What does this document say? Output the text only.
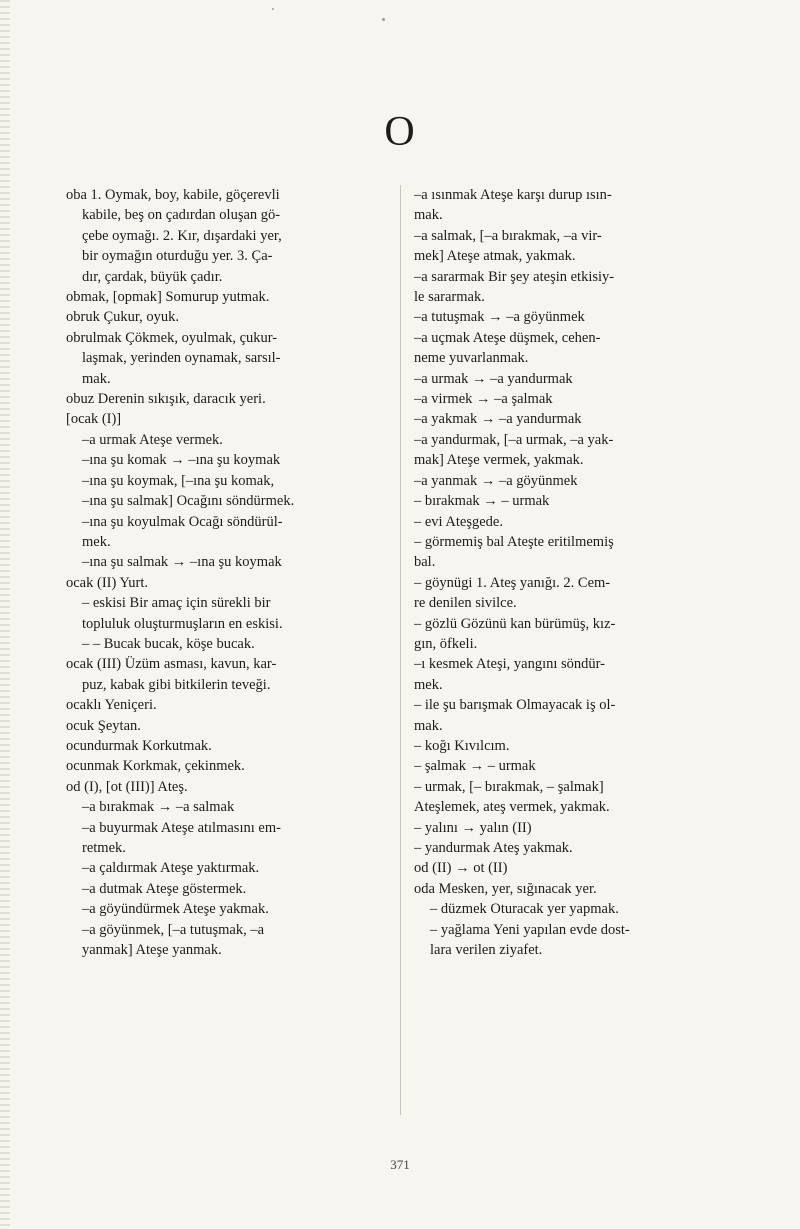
O
oba 1. Oymak, boy, kabile, göçerevli
kabile, beş on çadırdan oluşan gö-
çebe oymağı. 2. Kır, dışardaki yer,
bir oymağın oturduğu yer. 3. Ça-
dır, çardak, büyük çadır.
obmak, [opmak] Somurup yutmak.
obruk Çukur, oyuk.
obrulmak Çökmek, oyulmak, çukur-
laşmak, yerinden oynamak, sarsıl-
mak.
obuz Derenin sıkışık, daracık yeri.
[ocak (I)]
–a urmak Ateşe vermek.
–ına şu komak → –ına şu koymak
–ına şu koymak, [–ına şu komak,
–ına şu salmak] Ocağını söndürmek.
–ına şu koyulmak Ocağı söndürül-
mek.
–ına şu salmak → –ına şu koymak
ocak (II) Yurt.
– eskisi Bir amaç için sürekli bir
topluluk oluşturmuşların en eskisi.
– – Bucak bucak, köşe bucak.
ocak (III) Üzüm asması, kavun, kar-
puz, kabak gibi bitkilerin teveği.
ocaklı Yeniçeri.
ocuk Şeytan.
ocundurmak Korkutmak.
ocunmak Korkmak, çekinmek.
od (I), [ot (III)] Ateş.
–a bırakmak → –a salmak
–a buyurmak Ateşe atılmasını em-
retmek.
–a çaldırmak Ateşe yaktırmak.
–a dutmak Ateşe göstermek.
–a göyündürmek Ateşe yakmak.
–a göyünmek, [–a tutuşmak, –a
yanmak] Ateşe yanmak.
–a ısınmak Ateşe karşı durup ısın-
mak.
–a salmak, [–a bırakmak, –a vir-
mek] Ateşe atmak, yakmak.
–a sararmak Bir şey ateşin etkisiy-
le sararmak.
–a tutuşmak → –a göyünmek
–a uçmak Ateşe düşmek, cehen-
neme yuvarlanmak.
–a urmak → –a yandurmak
–a virmek → –a şalmak
–a yakmak → –a yandurmak
–a yandurmak, [–a urmak, –a yak-
mak] Ateşe vermek, yakmak.
–a yanmak → –a göyünmek
– bırakmak → – urmak
– evi Ateşgede.
– görmemiş bal Ateşte eritilmemiş
bal.
– göynügi 1. Ateş yanığı. 2. Cem-
re denilen sivilce.
– gözlü Gözünü kan bürümüş, kız-
gın, öfkeli.
–ı kesmek Ateşi, yangını söndür-
mek.
– ile şu barışmak Olmayacak iş ol-
mak.
– koğı Kıvılcım.
– şalmak → – urmak
– urmak, [– bırakmak, – şalmak]
Ateşlemek, ateş vermek, yakmak.
– yalını → yalın (II)
– yandurmak Ateş yakmak.
od (II) → ot (II)
oda Mesken, yer, sığınacak yer.
– düzmek Oturacak yer yapmak.
– yağlama Yeni yapılan evde dost-
lara verilen ziyafet.
371
